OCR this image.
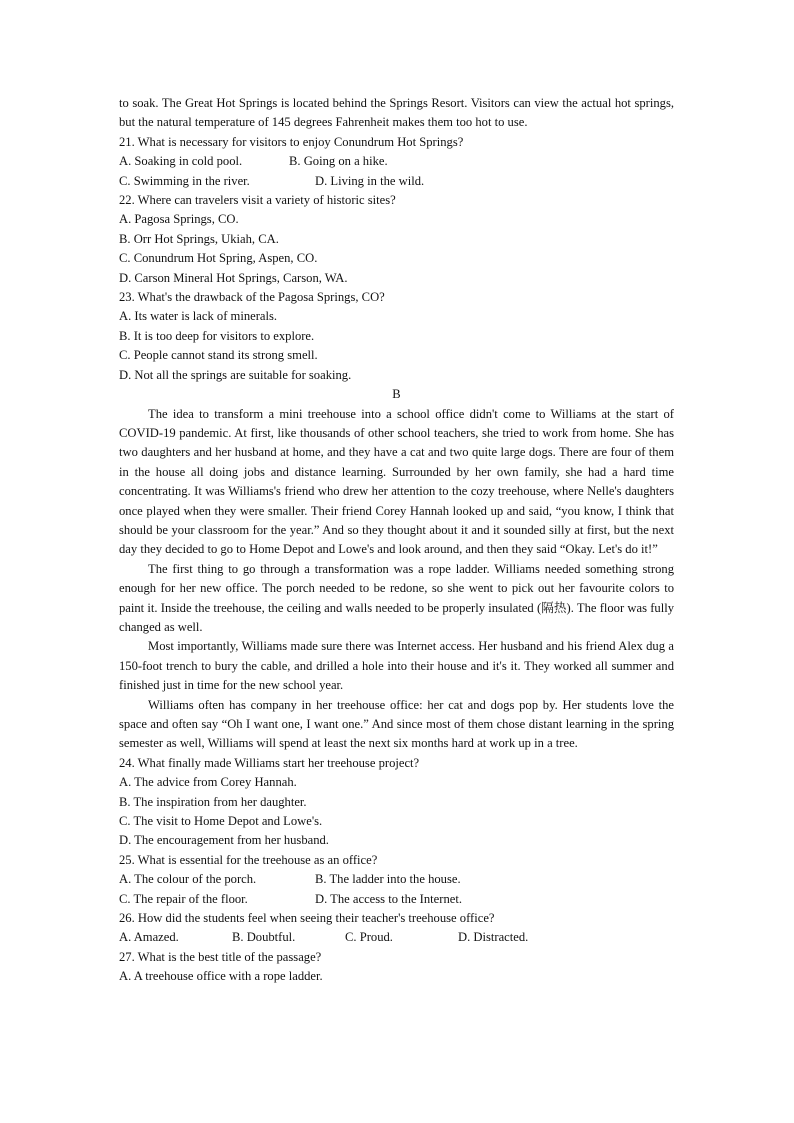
to soak. The Great Hot Springs is located behind the Springs Resort. Visitors can view the actual hot springs, but the natural temperature of 145 degrees Fahrenheit makes them too hot to use.
21. What is necessary for visitors to enjoy Conundrum Hot Springs?
A. Soaking in cold pool.	B. Going on a hike.
C. Swimming in the river.	D. Living in the wild.
22. Where can travelers visit a variety of historic sites?
A. Pagosa Springs, CO.
B. Orr Hot Springs, Ukiah, CA.
C. Conundrum Hot Spring, Aspen, CO.
D. Carson Mineral Hot Springs, Carson, WA.
23. What's the drawback of the Pagosa Springs, CO?
A. Its water is lack of minerals.
B. It is too deep for visitors to explore.
C. People cannot stand its strong smell.
D. Not all the springs are suitable for soaking.
B
The idea to transform a mini treehouse into a school office didn't come to Williams at the start of COVID-19 pandemic. At first, like thousands of other school teachers, she tried to work from home. She has two daughters and her husband at home, and they have a cat and two quite large dogs. There are four of them in the house all doing jobs and distance learning. Surrounded by her own family, she had a hard time concentrating. It was Williams's friend who drew her attention to the cozy treehouse, where Nelle's daughters once played when they were smaller. Their friend Corey Hannah looked up and said, “you know, I think that should be your classroom for the year.” And so they thought about it and it sounded silly at first, but the next day they decided to go to Home Depot and Lowe's and look around, and then they said “Okay. Let's do it!”
The first thing to go through a transformation was a rope ladder. Williams needed something strong enough for her new office. The porch needed to be redone, so she went to pick out her favourite colors to paint it. Inside the treehouse, the ceiling and walls needed to be properly insulated (隔热). The floor was fully changed as well.
Most importantly, Williams made sure there was Internet access. Her husband and his friend Alex dug a 150-foot trench to bury the cable, and drilled a hole into their house and it's it. They worked all summer and finished just in time for the new school year.
Williams often has company in her treehouse office: her cat and dogs pop by. Her students love the space and often say “Oh I want one, I want one.” And since most of them chose distant learning in the spring semester as well, Williams will spend at least the next six months hard at work up in a tree.
24. What finally made Williams start her treehouse project?
A. The advice from Corey Hannah.
B. The inspiration from her daughter.
C. The visit to Home Depot and Lowe's.
D. The encouragement from her husband.
25. What is essential for the treehouse as an office?
A. The colour of the porch.	B. The ladder into the house.
C. The repair of the floor.	D. The access to the Internet.
26. How did the students feel when seeing their teacher's treehouse office?
A. Amazed.	B. Doubtful.	C. Proud.	D. Distracted.
27. What is the best title of the passage?
A. A treehouse office with a rope ladder.
